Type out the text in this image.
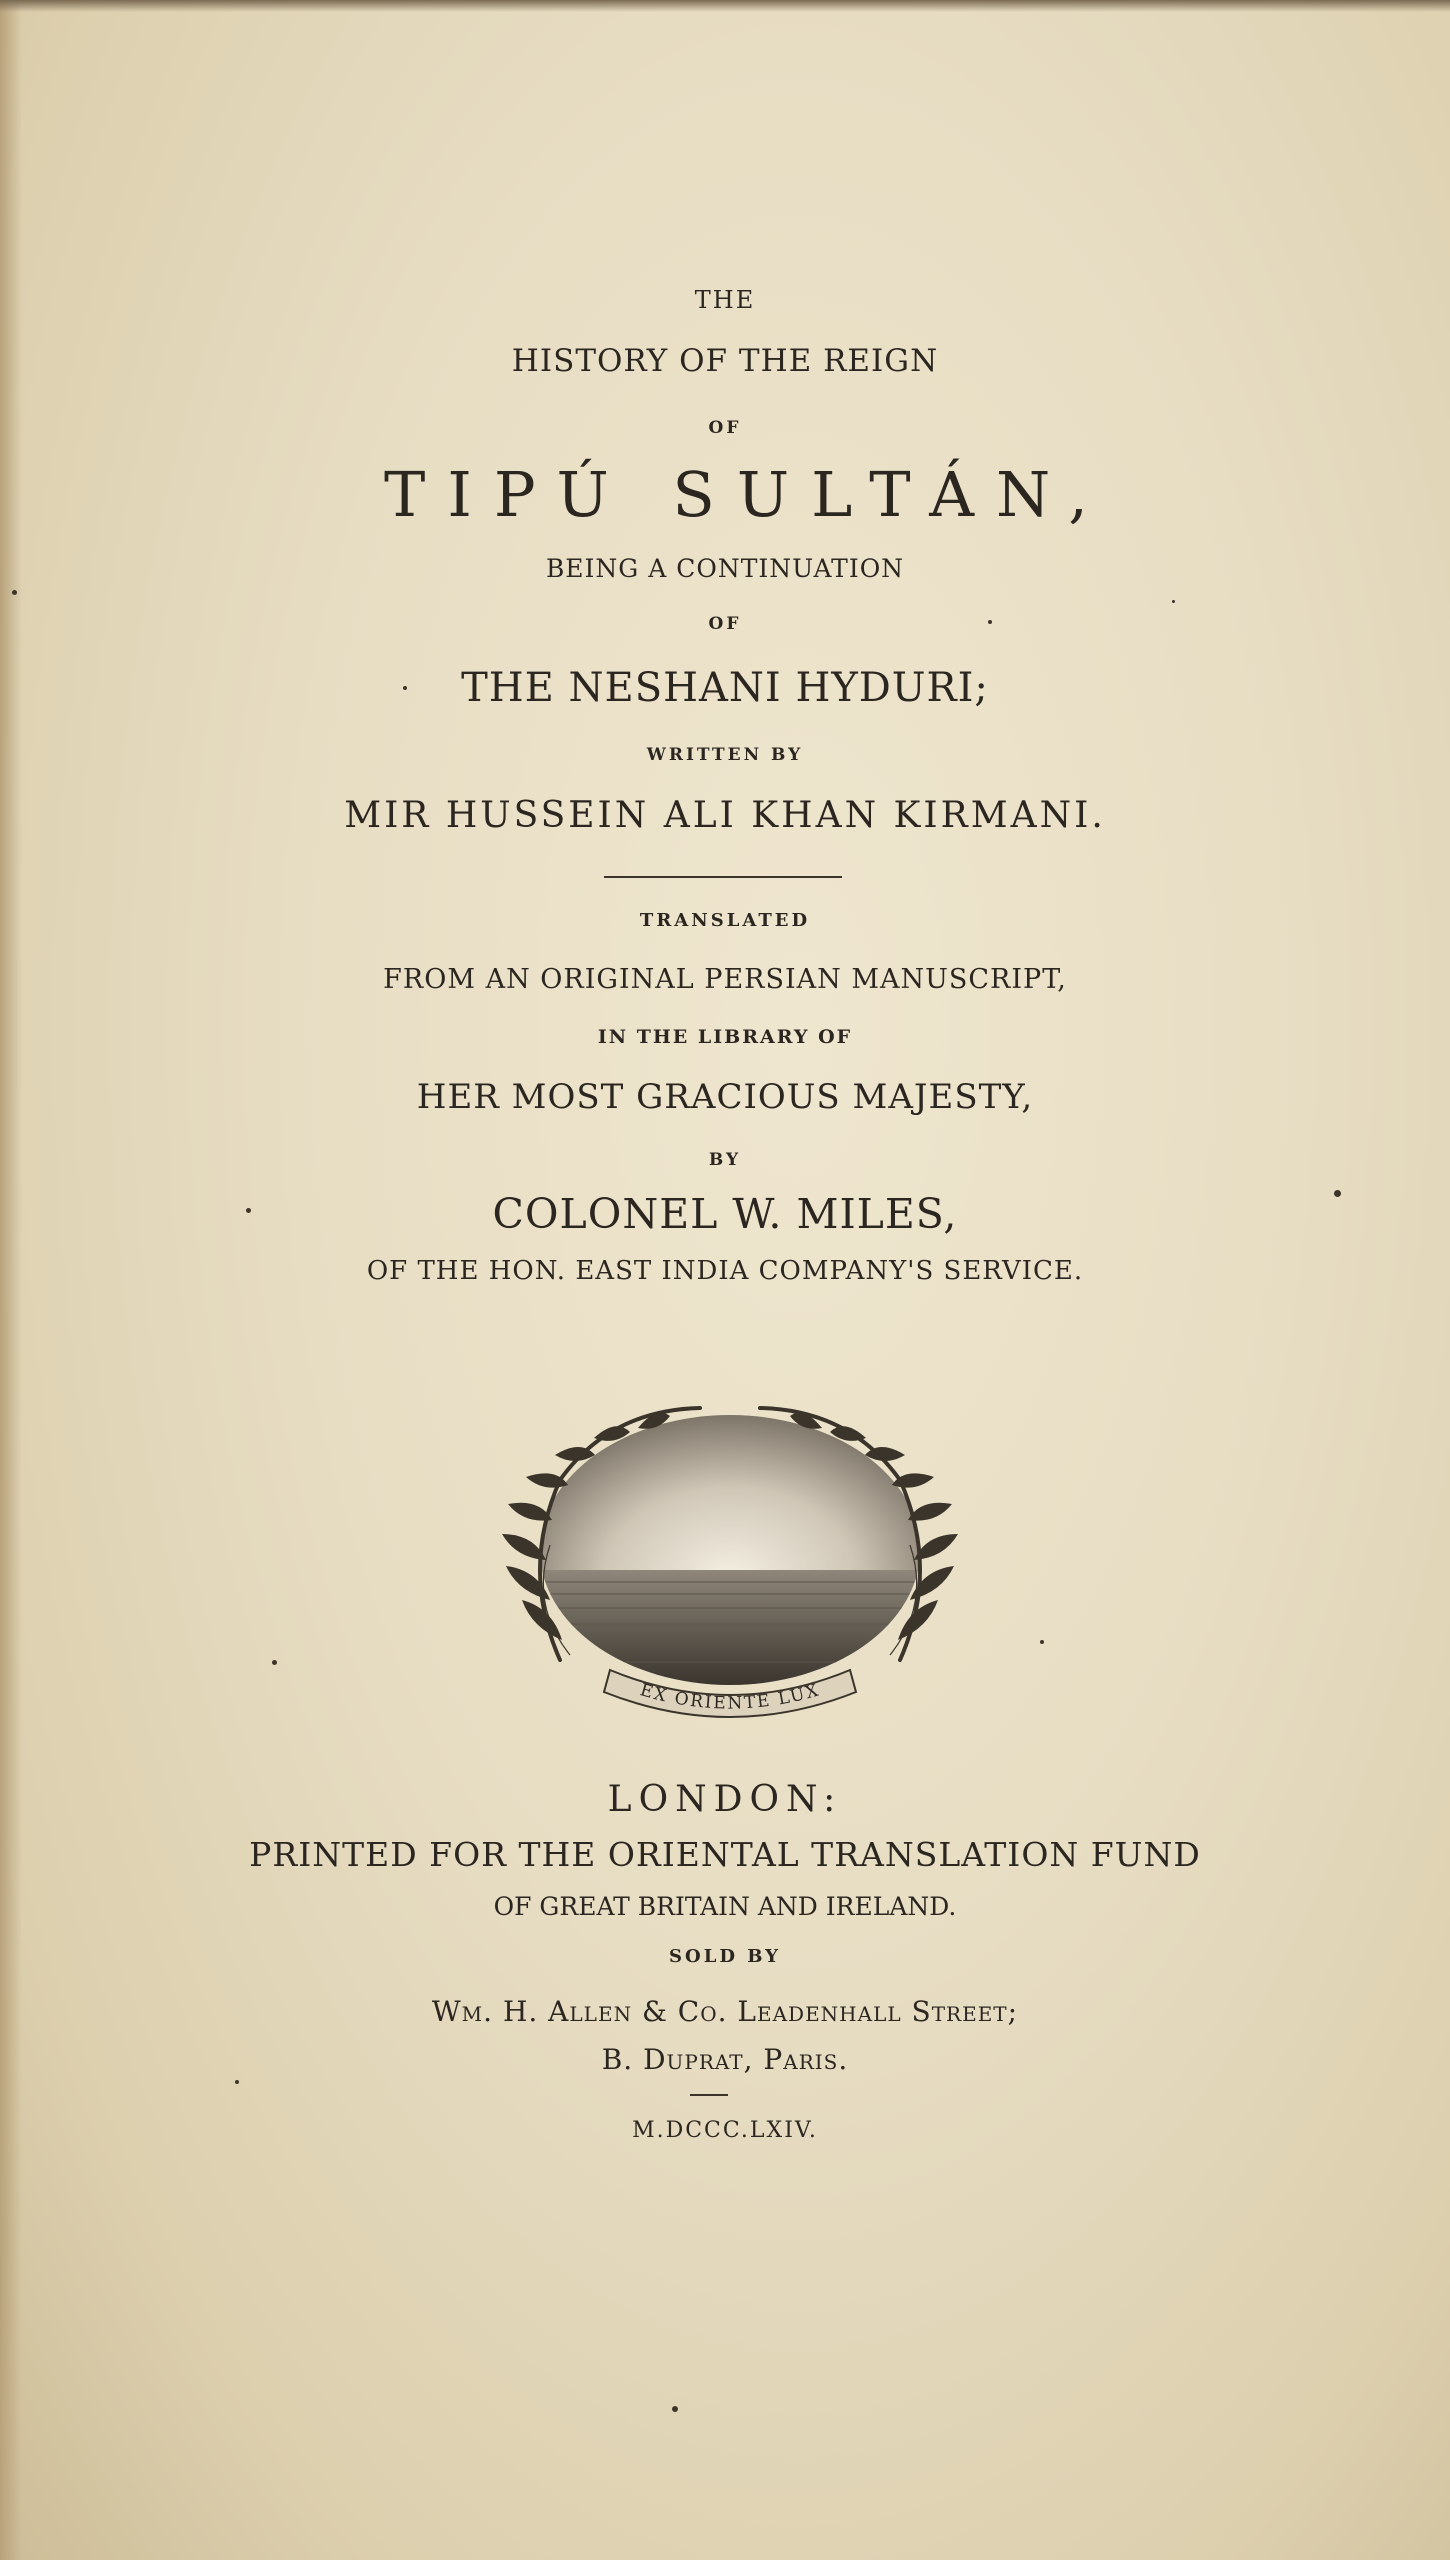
THE
HISTORY OF THE REIGN
OF
TIPÚ SULTÁN,
BEING A CONTINUATION
OF
THE NESHANI HYDURI;
WRITTEN BY
MIR HUSSEIN ALI KHAN KIRMANI.
TRANSLATED
FROM AN ORIGINAL PERSIAN MANUSCRIPT,
IN THE LIBRARY OF
HER MOST GRACIOUS MAJESTY,
BY
COLONEL W. MILES,
OF THE HON. EAST INDIA COMPANY'S SERVICE.
EX ORIENTE LUX
LONDON:
PRINTED FOR THE ORIENTAL TRANSLATION FUND
OF GREAT BRITAIN AND IRELAND.
SOLD BY
Wm. H. Allen & Co. Leadenhall Street;
B. Duprat, Paris.
M.DCCC.LXIV.
